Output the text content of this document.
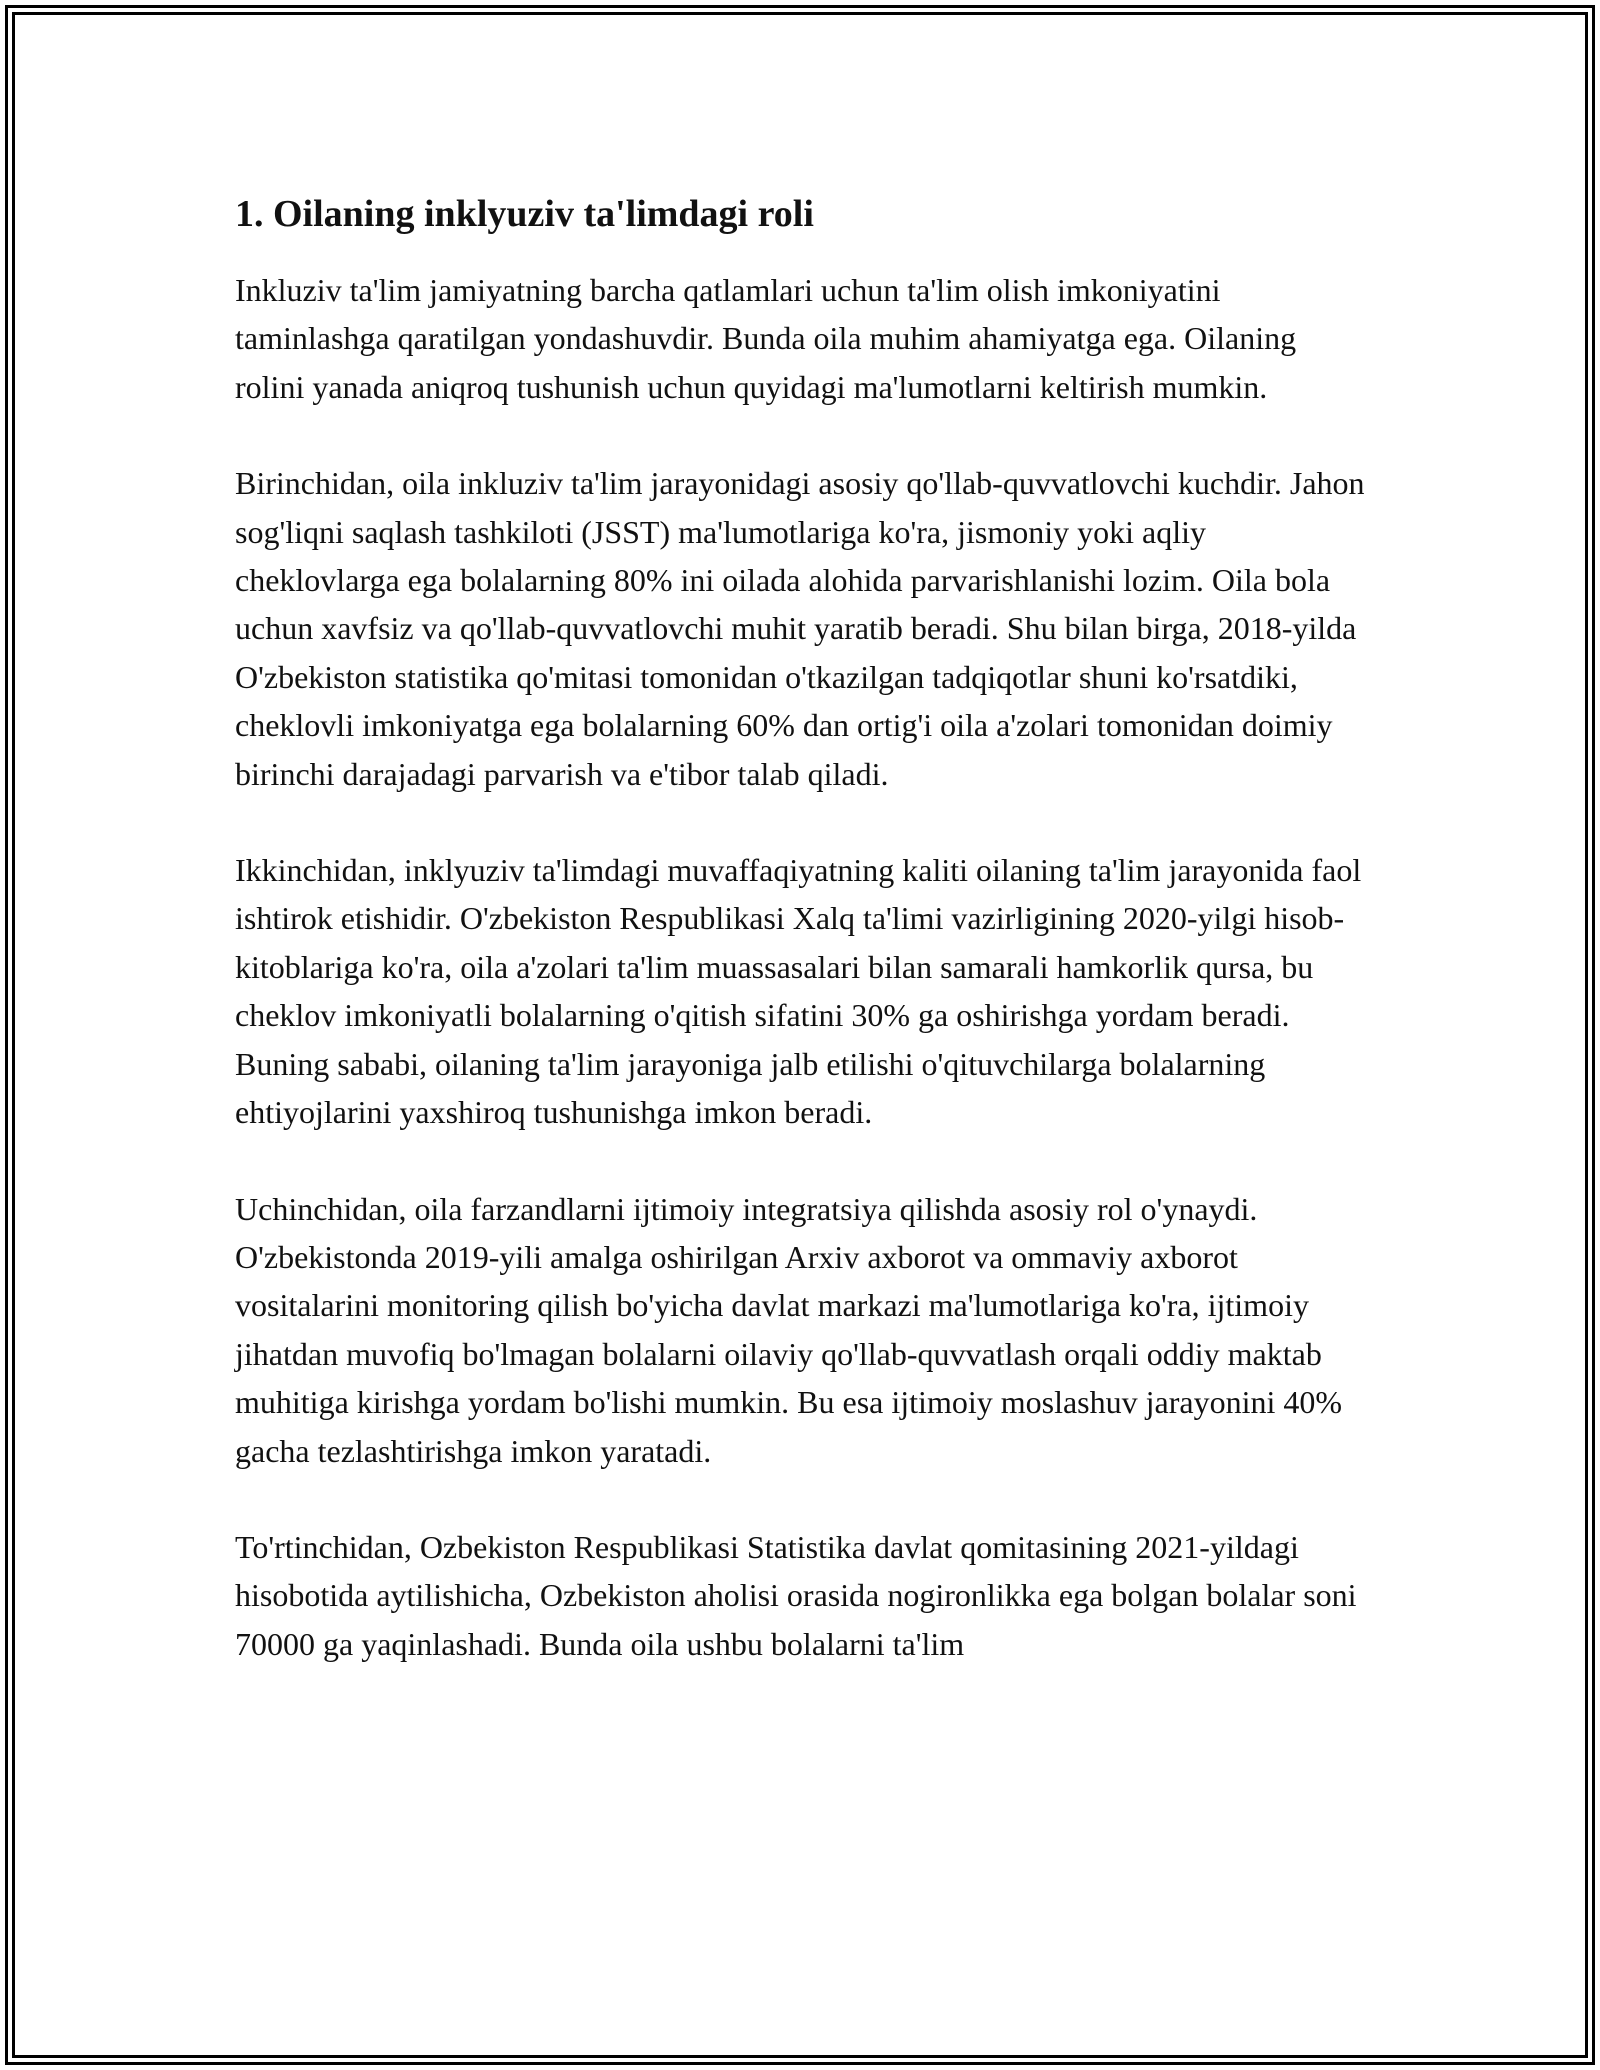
1. Oilaning inklyuziv ta'limdagi roli

Inkluziv ta'lim jamiyatning barcha qatlamlari uchun ta'lim olish imkoniyatini taminlashga qaratilgan yondashuvdir. Bunda oila muhim ahamiyatga ega. Oilaning rolini yanada aniqroq tushunish uchun quyidagi ma'lumotlarni keltirish mumkin.

Birinchidan, oila inkluziv ta'lim jarayonidagi asosiy qo'llab-quvvatlovchi kuchdir. Jahon sog'liqni saqlash tashkiloti (JSST) ma'lumotlariga ko'ra, jismoniy yoki aqliy cheklovlarga ega bolalarning 80% ini oilada alohida parvarishlanishi lozim. Oila bola uchun xavfsiz va qo'llab-quvvatlovchi muhit yaratib beradi. Shu bilan birga, 2018-yilda O'zbekiston statistika qo'mitasi tomonidan o'tkazilgan tadqiqotlar shuni ko'rsatdiki, cheklovli imkoniyatga ega bolalarning 60% dan ortig'i oila a'zolari tomonidan doimiy birinchi darajadagi parvarish va e'tibor talab qiladi.

Ikkinchidan, inklyuziv ta'limdagi muvaffaqiyatning kaliti oilaning ta'lim jarayonida faol ishtirok etishidir. O'zbekiston Respublikasi Xalq ta'limi vazirligining 2020-yilgi hisob-kitoblariga ko'ra, oila a'zolari ta'lim muassasalari bilan samarali hamkorlik qursa, bu cheklov imkoniyatli bolalarning o'qitish sifatini 30% ga oshirishga yordam beradi. Buning sababi, oilaning ta'lim jarayoniga jalb etilishi o'qituvchilarga bolalarning ehtiyojlarini yaxshiroq tushunishga imkon beradi.

Uchinchidan, oila farzandlarni ijtimoiy integratsiya qilishda asosiy rol o'ynaydi. O'zbekistonda 2019-yili amalga oshirilgan Arxiv axborot va ommaviy axborot vositalarini monitoring qilish bo'yicha davlat markazi ma'lumotlariga ko'ra, ijtimoiy jihatdan muvofiq bo'lmagan bolalarni oilaviy qo'llab-quvvatlash orqali oddiy maktab muhitiga kirishga yordam bo'lishi mumkin. Bu esa ijtimoiy moslashuv jarayonini 40% gacha tezlashtirishga imkon yaratadi.

To'rtinchidan, Ozbekiston Respublikasi Statistika davlat qomitasining 2021-yildagi hisobotida aytilishicha, Ozbekiston aholisi orasida nogironlikka ega bolgan bolalar soni 70000 ga yaqinlashadi. Bunda oila ushbu bolalarni ta'lim
